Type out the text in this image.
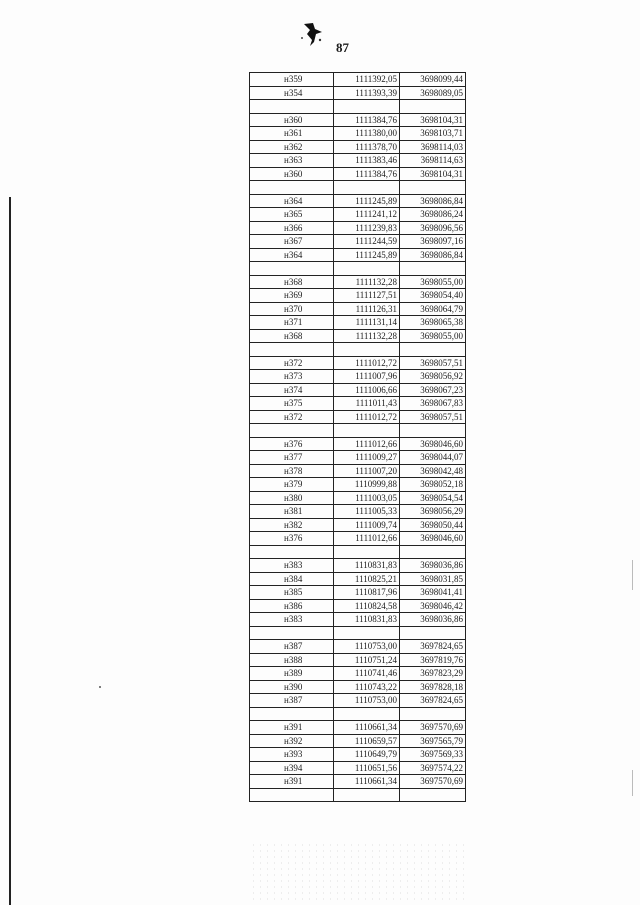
87
н359	1111392,05	3698099,44
н354	1111393,39	3698089,05

н360	1111384,76	3698104,31
н361	1111380,00	3698103,71
н362	1111378,70	3698114,03
н363	1111383,46	3698114,63
н360	1111384,76	3698104,31

н364	1111245,89	3698086,84
н365	1111241,12	3698086,24
н366	1111239,83	3698096,56
н367	1111244,59	3698097,16
н364	1111245,89	3698086,84

н368	1111132,28	3698055,00
н369	1111127,51	3698054,40
н370	1111126,31	3698064,79
н371	1111131,14	3698065,38
н368	1111132,28	3698055,00

н372	1111012,72	3698057,51
н373	1111007,96	3698056,92
н374	1111006,66	3698067,23
н375	1111011,43	3698067,83
н372	1111012,72	3698057,51

н376	1111012,66	3698046,60
н377	1111009,27	3698044,07
н378	1111007,20	3698042,48
н379	1110999,88	3698052,18
н380	1111003,05	3698054,54
н381	1111005,33	3698056,29
н382	1111009,74	3698050,44
н376	1111012,66	3698046,60

н383	1110831,83	3698036,86
н384	1110825,21	3698031,85
н385	1110817,96	3698041,41
н386	1110824,58	3698046,42
н383	1110831,83	3698036,86

н387	1110753,00	3697824,65
н388	1110751,24	3697819,76
н389	1110741,46	3697823,29
н390	1110743,22	3697828,18
н387	1110753,00	3697824,65

н391	1110661,34	3697570,69
н392	1110659,57	3697565,79
н393	1110649,79	3697569,33
н394	1110651,56	3697574,22
н391	1110661,34	3697570,69
